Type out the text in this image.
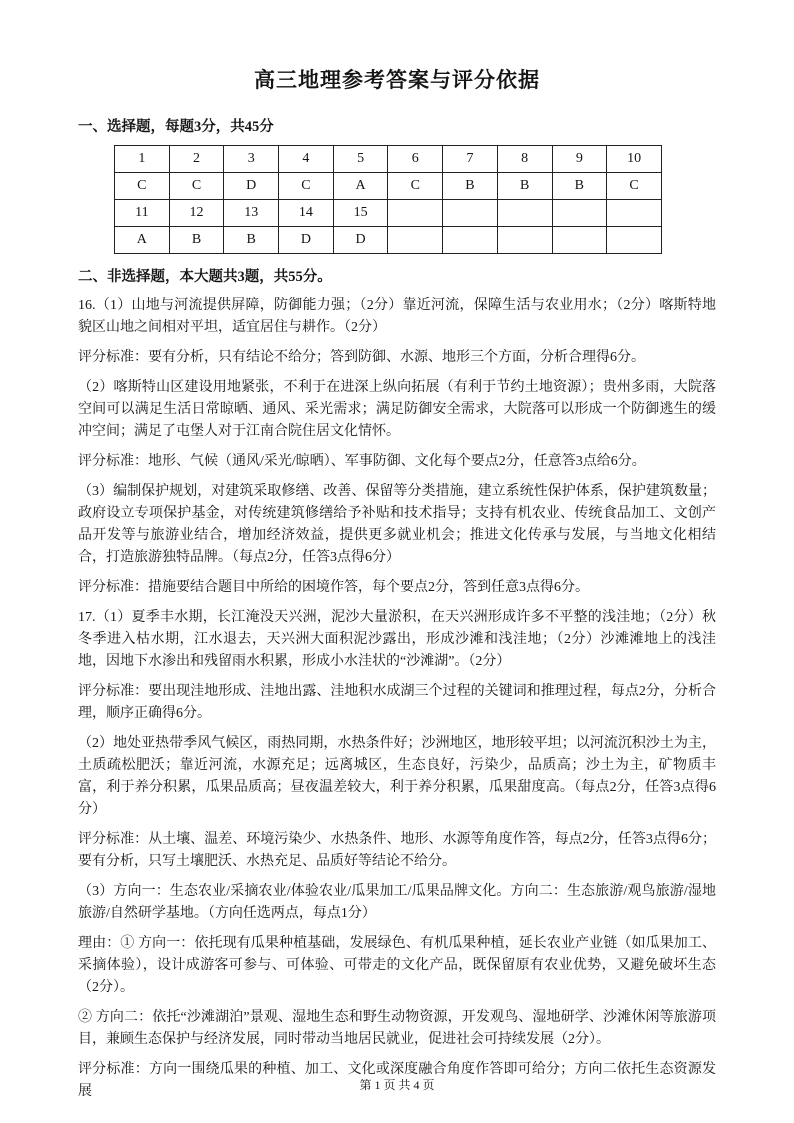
高三地理参考答案与评分依据
一、选择题，每题3分，共45分
1	2	3	4	5	6	7	8	9	10
C	C	D	C	A	C	B	B	B	C
11	12	13	14	15					
A	B	B	D	D					
二、非选择题，本大题共3题，共55分。

16.（1）山地与河流提供屏障，防御能力强；（2分）靠近河流，保障生活与农业用水；（2分）喀斯特地貌区山地之间相对平坦，适宜居住与耕作。（2分）

评分标准：要有分析，只有结论不给分；答到防御、水源、地形三个方面，分析合理得6分。

（2）喀斯特山区建设用地紧张，不利于在进深上纵向拓展（有利于节约土地资源）；贵州多雨，大院落空间可以满足生活日常晾晒、通风、采光需求；满足防御安全需求，大院落可以形成一个防御逃生的缓冲空间；满足了屯堡人对于江南合院住居文化情怀。

评分标准：地形、气候（通风/采光/晾晒）、军事防御、文化每个要点2分，任意答3点给6分。

（3）编制保护规划，对建筑采取修缮、改善、保留等分类措施，建立系统性保护体系，保护建筑数量；政府设立专项保护基金，对传统建筑修缮给予补贴和技术指导；支持有机农业、传统食品加工、文创产品开发等与旅游业结合，增加经济效益，提供更多就业机会；推进文化传承与发展，与当地文化相结合，打造旅游独特品牌。（每点2分，任答3点得6分）

评分标准：措施要结合题目中所给的困境作答，每个要点2分，答到任意3点得6分。

17.（1）夏季丰水期，长江淹没天兴洲，泥沙大量淤积，在天兴洲形成许多不平整的浅洼地；（2分）秋冬季进入枯水期，江水退去，天兴洲大面积泥沙露出，形成沙滩和浅洼地；（2分）沙滩滩地上的浅洼地，因地下水渗出和残留雨水积累，形成小水洼状的“沙滩湖”。（2分）

评分标准：要出现洼地形成、洼地出露、洼地积水成湖三个过程的关键词和推理过程，每点2分，分析合理，顺序正确得6分。

（2）地处亚热带季风气候区，雨热同期，水热条件好；沙洲地区，地形较平坦；以河流沉积沙土为主，土质疏松肥沃；靠近河流，水源充足；远离城区，生态良好，污染少，品质高；沙土为主，矿物质丰富，利于养分积累，瓜果品质高；昼夜温差较大，利于养分积累，瓜果甜度高。（每点2分，任答3点得6分）

评分标准：从土壤、温差、环境污染少、水热条件、地形、水源等角度作答，每点2分，任答3点得6分；要有分析，只写土壤肥沃、水热充足、品质好等结论不给分。

（3）方向一：生态农业/采摘农业/体验农业/瓜果加工/瓜果品牌文化。方向二：生态旅游/观鸟旅游/湿地旅游/自然研学基地。（方向任选两点，每点1分）

理由：① 方向一：依托现有瓜果种植基础，发展绿色、有机瓜果种植，延长农业产业链（如瓜果加工、采摘体验），设计成游客可参与、可体验、可带走的文化产品，既保留原有农业优势，又避免破坏生态（2分）。

② 方向二：依托“沙滩湖泊”景观、湿地生态和野生动物资源，开发观鸟、湿地研学、沙滩休闲等旅游项目，兼顾生态保护与经济发展，同时带动当地居民就业，促进社会可持续发展（2分）。

评分标准：方向一围绕瓜果的种植、加工、文化或深度融合角度作答即可给分；方向二依托生态资源发展	第 1 页 共 4 页
